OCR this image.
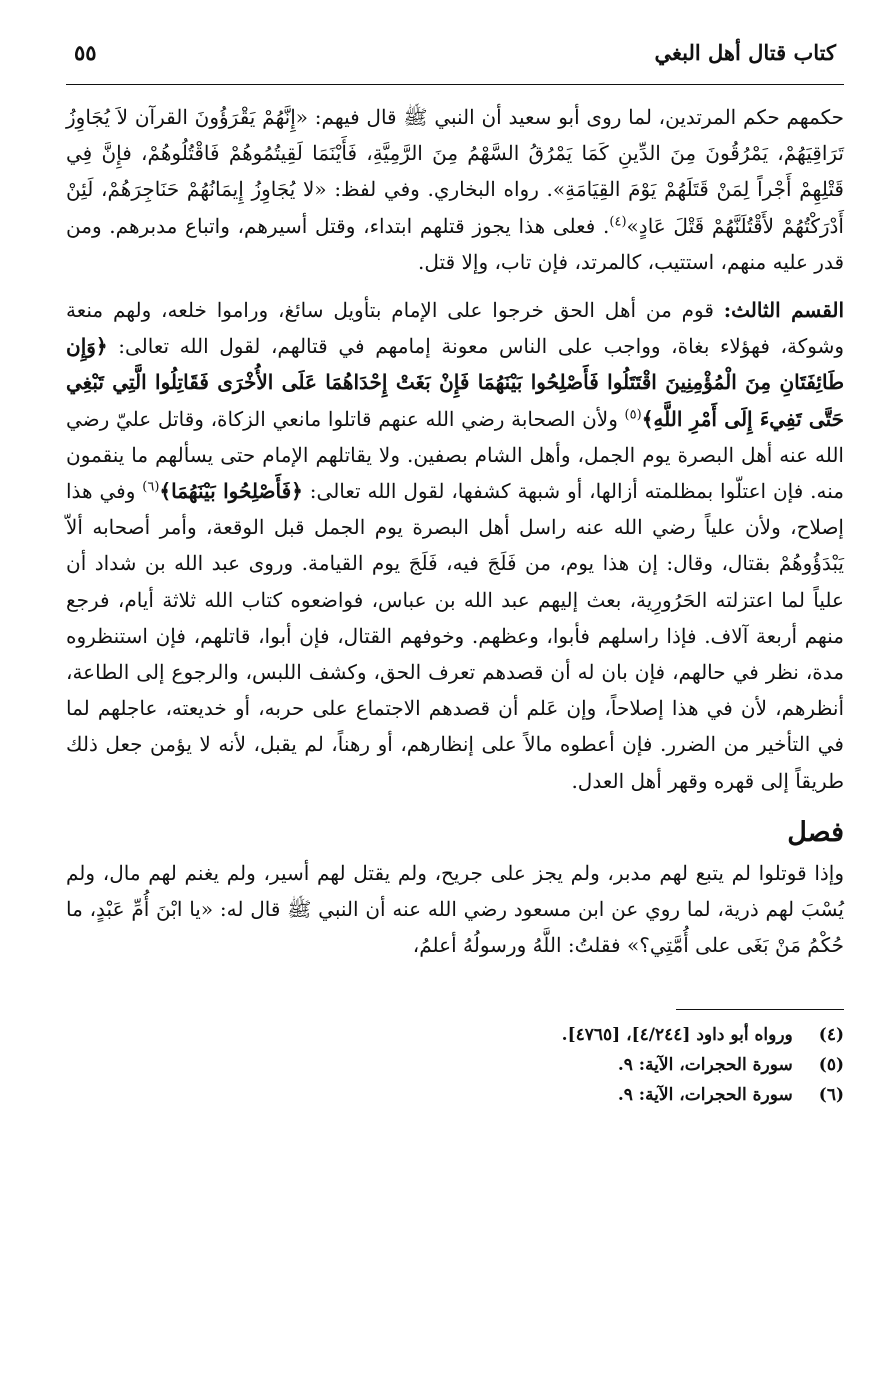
كتاب قتال أهل البغي
٥٥

حكمهم حكم المرتدين، لما روى أبو سعيد أن النبي ﷺ قال فيهم: «إِنَّهُمْ يَقْرَؤُونَ القرآن لاَ يُجَاوِزُ تَرَاقِيَهُمْ، يَمْرُقُونَ مِنَ الدِّينِ كَمَا يَمْرُقُ السَّهْمُ مِنَ الرَّمِيَّةِ، فَأَيْنَمَا لَقِيتُمُوهُمْ فَاقْتُلُوهُمْ، فإِنَّ فِي قَتْلِهِمْ أَجْراً لِمَنْ قَتَلَهُمْ يَوْمَ القِيَامَةِ». رواه البخاري. وفي لفظ: «لا يُجَاوِزُ إِيمَانُهُمْ حَنَاجِرَهُمْ، لَئِنْ أَدْرَكْتُهُمْ لأَقْتُلَنَّهُمْ قَتْلَ عَادٍ»$^{(٤)}$. فعلى هذا يجوز قتلهم ابتداء، وقتل أسيرهم، واتباع مدبرهم. ومن قدر عليه منهم، استتيب، كالمرتد، فإن تاب، وإلا قتل.

القسم الثالث: قوم من أهل الحق خرجوا على الإمام بتأويل سائغ، وراموا خلعه، ولهم منعة وشوكة، فهؤلاء بغاة، وواجب على الناس معونة إمامهم في قتالهم، لقول الله تعالى: ﴿وَإِن طَائِفَتَانِ مِنَ الْمُؤْمِنِينَ اقْتَتَلُوا فَأَصْلِحُوا بَيْنَهُمَا فَإِنْ بَغَتْ إِحْدَاهُمَا عَلَى الأُخْرَى فَقَاتِلُوا الَّتِي تَبْغِي حَتَّى تَفِيءَ إِلَى أَمْرِ اللَّهِ﴾$^{(٥)}$ ولأن الصحابة رضي الله عنهم قاتلوا مانعي الزكاة، وقاتل عليّ رضي الله عنه أهل البصرة يوم الجمل، وأهل الشام بصفين. ولا يقاتلهم الإمام حتى يسألهم ما ينقمون منه. فإن اعتلّوا بمظلمته أزالها، أو شبهة كشفها، لقول الله تعالى: ﴿فَأَصْلِحُوا بَيْنَهُمَا﴾$^{(٦)}$ وفي هذا إصلاح، ولأن علياً رضي الله عنه راسل أهل البصرة يوم الجمل قبل الوقعة، وأمر أصحابه ألاّ يَبْدَؤُوهُمْ بقتال، وقال: إن هذا يوم، من فَلَجَ فيه، فَلَجَ يوم القيامة. وروى عبد الله بن شداد أن علياً لما اعتزلته الحَرُورِية، بعث إليهم عبد الله بن عباس، فواضعوه كتاب الله ثلاثة أيام، فرجع منهم أربعة آلاف. فإذا راسلهم فأبوا، وعظهم. وخوفهم القتال، فإن أبوا، قاتلهم، فإن استنظروه مدة، نظر في حالهم، فإن بان له أن قصدهم تعرف الحق، وكشف اللبس، والرجوع إلى الطاعة، أنظرهم، لأن في هذا إصلاحاً، وإن عَلم أن قصدهم الاجتماع على حربه، أو خديعته، عاجلهم لما في التأخير من الضرر. فإن أعطوه مالاً على إنظارهم، أو رهناً، لم يقبل، لأنه لا يؤمن جعل ذلك طريقاً إلى قهره وقهر أهل العدل.

فصل

وإذا قوتلوا لم يتبع لهم مدبر، ولم يجز على جريح، ولم يقتل لهم أسير، ولم يغنم لهم مال، ولم يُسْبَ لهم ذرية، لما روي عن ابن مسعود رضي الله عنه أن النبي ﷺ قال له: «يا ابْنَ أُمِّ عَبْدٍ، ما حُكْمُ مَنْ بَغَى على أُمَّتِي؟» فقلتُ: اللَّهُ ورسولُهُ أعلمُ،

(٤)
ورواه أبو داود [٤/٢٤٤]، [٤٧٦٥].
(٥)
سورة الحجرات، الآية: ٩.
(٦)
سورة الحجرات، الآية: ٩.
